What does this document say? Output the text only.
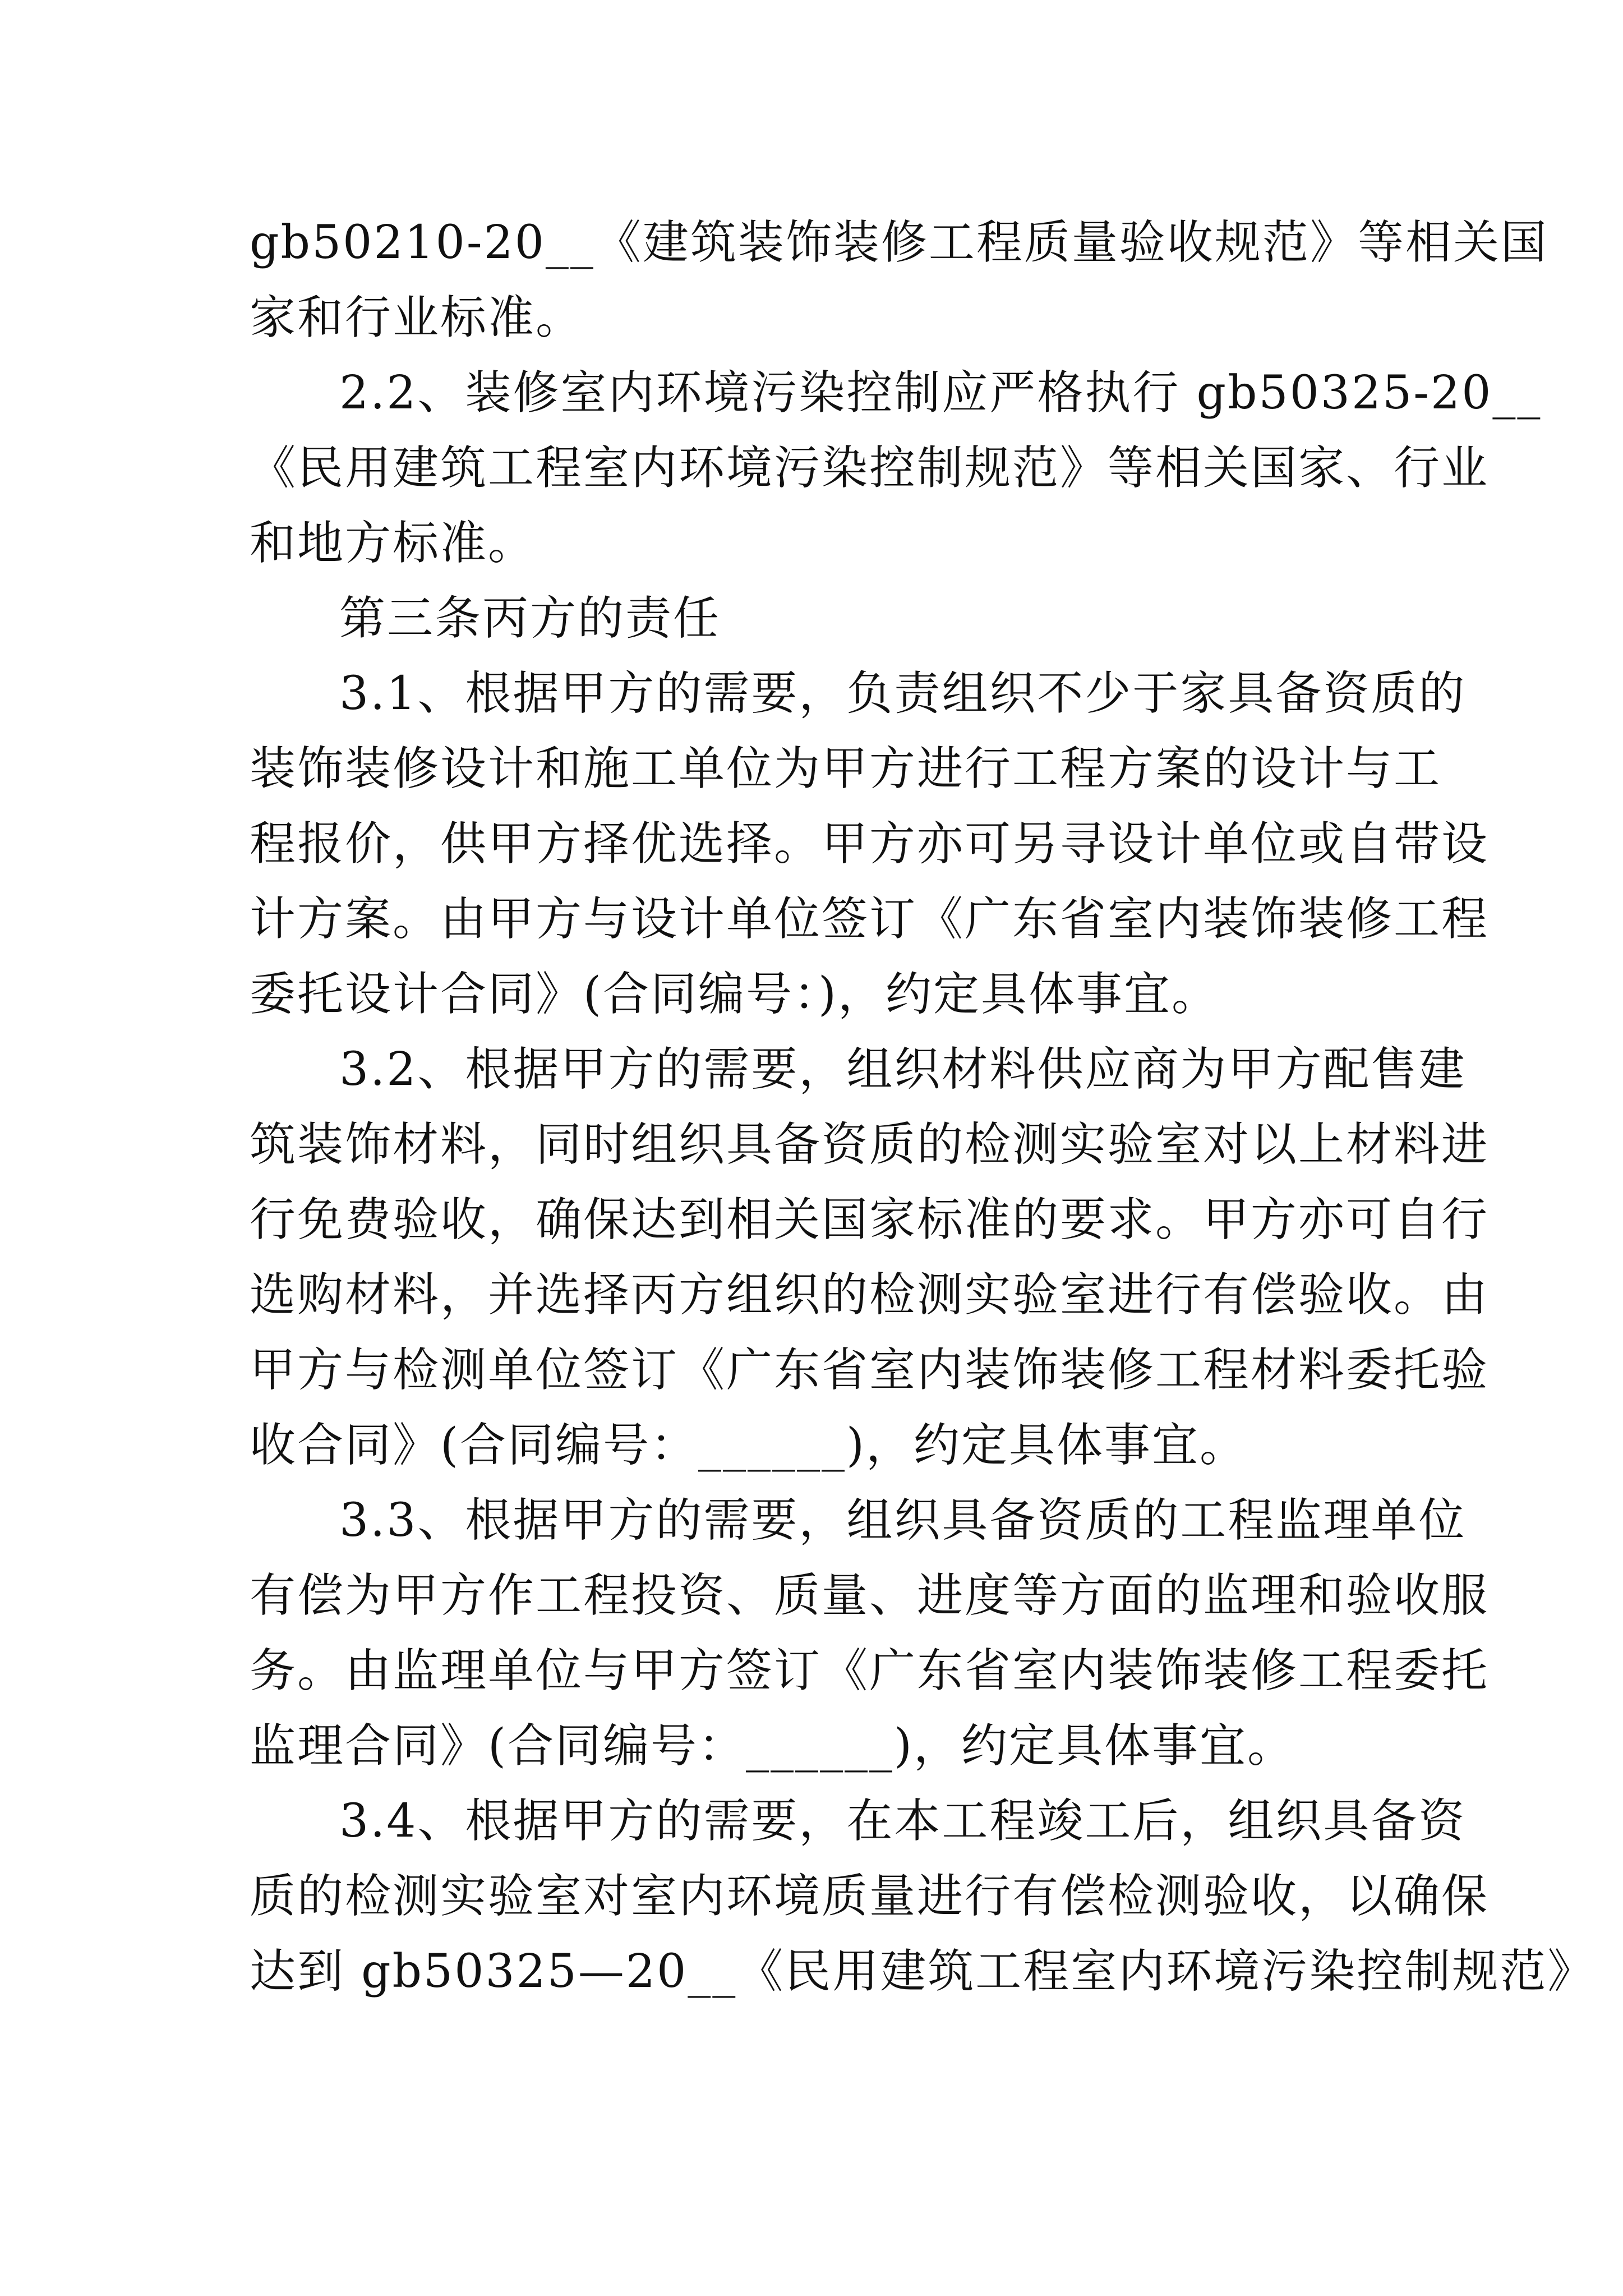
gb50210-20__《建筑装饰装修工程质量验收规范》等相关国
家和行业标准。
2.2、装修室内环境污染控制应严格执行 gb50325-20__
《民用建筑工程室内环境污染控制规范》等相关国家、行业
和地方标准。
第三条丙方的责任
3.1、根据甲方的需要，负责组织不少于家具备资质的
装饰装修设计和施工单位为甲方进行工程方案的设计与工
程报价，供甲方择优选择。甲方亦可另寻设计单位或自带设
计方案。由甲方与设计单位签订《广东省室内装饰装修工程
委托设计合同》(合同编号：)，约定具体事宜。
3.2、根据甲方的需要，组织材料供应商为甲方配售建
筑装饰材料，同时组织具备资质的检测实验室对以上材料进
行免费验收，确保达到相关国家标准的要求。甲方亦可自行
选购材料，并选择丙方组织的检测实验室进行有偿验收。由
甲方与检测单位签订《广东省室内装饰装修工程材料委托验
收合同》(合同编号：______)，约定具体事宜。
3.3、根据甲方的需要，组织具备资质的工程监理单位
有偿为甲方作工程投资、质量、进度等方面的监理和验收服
务。由监理单位与甲方签订《广东省室内装饰装修工程委托
监理合同》(合同编号：______)，约定具体事宜。
3.4、根据甲方的需要，在本工程竣工后，组织具备资
质的检测实验室对室内环境质量进行有偿检测验收，以确保
达到 gb50325—20__《民用建筑工程室内环境污染控制规范》
